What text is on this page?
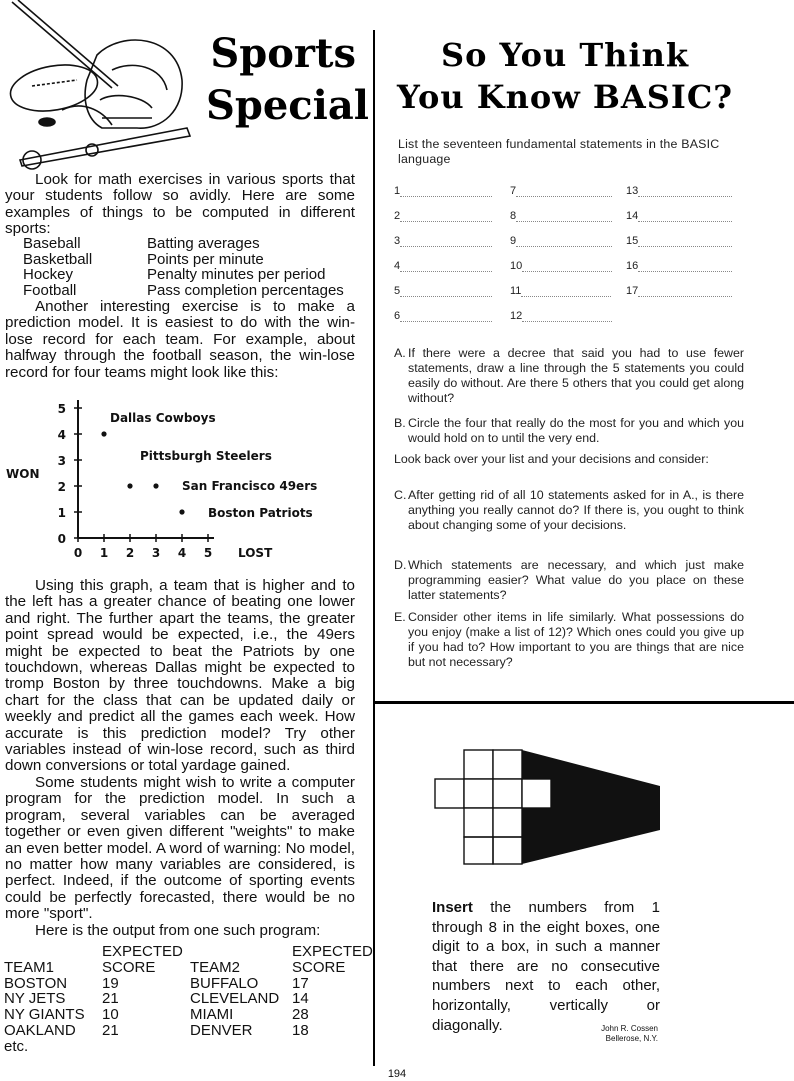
Sports
Special
So You Think
You Know BASIC?

Look for math exercises in various sports that your students follow so avidly. Here are some examples of things to be computed in different sports:

Baseball	Batting averages
Basketball	Points per minute
Hockey	Penalty minutes per period
Football	Pass completion percentages

Another interesting exercise is to make a prediction model. It is easiest to do with the win-lose record for each team. For example, about halfway through the football season, the win-lose record for four teams might look like this:

0 1 2 3 4 5
0
1
2
3
4
5
WON
LOST
Dallas Cowboys
Pittsburgh Steelers
San Francisco 49ers
Boston Patriots

Using this graph, a team that is higher and to the left has a greater chance of beating one lower and right. The further apart the teams, the greater point spread would be expected, i.e., the 49ers might be expected to beat the Patriots by one touchdown, whereas Dallas might be expected to tromp Boston by three touchdowns. Make a big chart for the class that can be updated daily or weekly and predict all the games each week. How accurate is this prediction model? Try other variables instead of win-lose record, such as third down conversions or total yardage gained.

Some students might wish to write a computer program for the prediction model. In such a program, several variables can be averaged together or even given different "weights" to make an even better model. A word of warning: No model, no matter how many variables are considered, is perfect. Indeed, if the outcome of sporting events could be perfectly forecasted, there would be no more "sport".

Here is the output from one such program:

EXPECTED	EXPECTED
TEAM1	SCORE TEAM2	SCORE
BOSTON 19	BUFFALO 17
NY JETS 21	CLEVELAND 14
NY GIANTS 10	MIAMI	28
OAKLAND 21	DENVER	18
etc.
List the seventeen fundamental statements in the BASIC language
1
2
3
4
5
6
7
8
9
10
11
12
13
14
15
16
17
A. If there were a decree that said you had to use fewer statements, draw a line through the 5 statements you could easily do without. Are there 5 others that you could get along without?
B. Circle the four that really do the most for you and which you would hold on to until the very end.
Look back over your list and your decisions and consider:
C. After getting rid of all 10 statements asked for in A., is there anything you really cannot do? If there is, you ought to think about changing some of your decisions.
D. Which statements are necessary, and which just make programming easier? What value do you place on these latter statements?
E. Consider other items in life similarly. What possessions do you enjoy (make a list of 12)? Which ones could you give up if you had to? How important to you are things that are nice but not necessary?
Insert the numbers from 1 through 8 in the eight boxes, one digit to a box, in such a manner that there are no consecutive numbers next to each other, horizontally, vertically or diagonally.	John R. Cossen
Bellerose, N.Y.
194
